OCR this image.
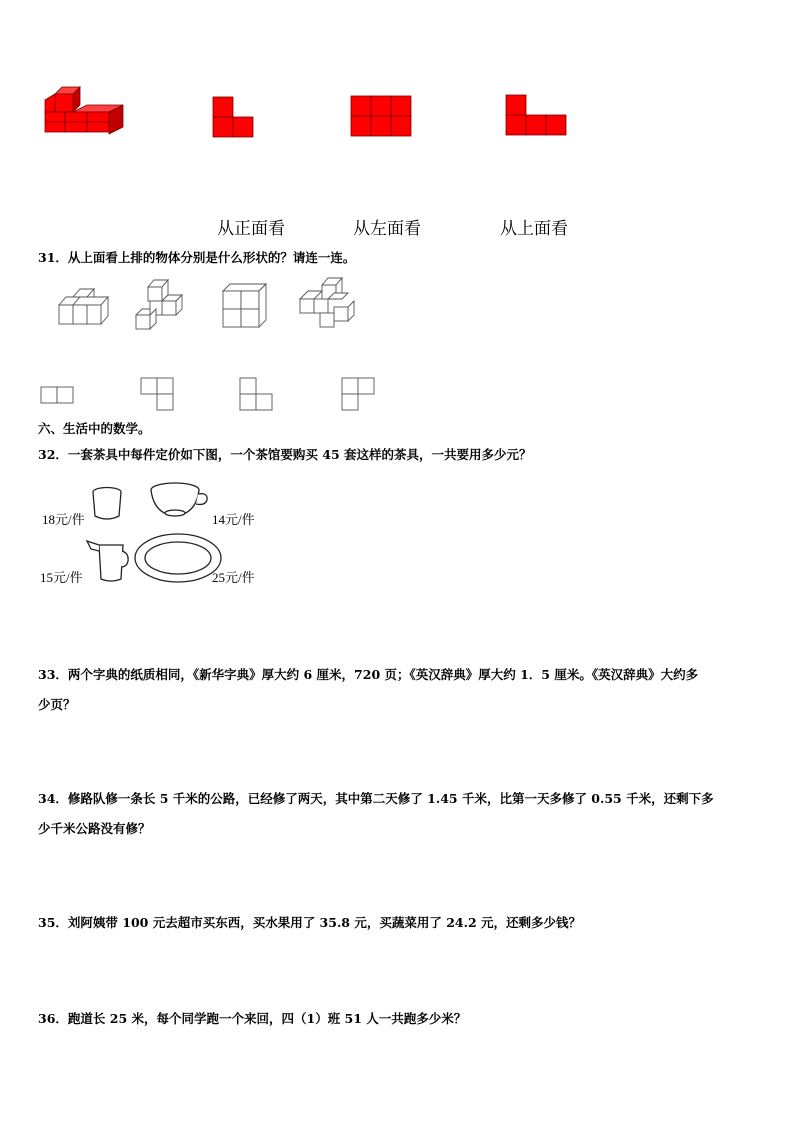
从正面看	从左面看	从上面看
31．从上面看上排的物体分别是什么形状的？请连一连。
六、生活中的数学。
32．一套茶具中每件定价如下图，一个茶馆要购买 45 套这样的茶具，一共要用多少元？
18元/件	14元/件
15元/件	25元/件
33．两个字典的纸质相同，《新华字典》厚大约 6 厘米，720 页；《英汉辞典》厚大约 1．5 厘米。《英汉辞典》大约多
少页？
34．修路队修一条长 5 千米的公路，已经修了两天，其中第二天修了 1.45 千米，比第一天多修了 0.55 千米，还剩下多
少千米公路没有修？
35．刘阿姨带 100 元去超市买东西，买水果用了 35.8 元，买蔬菜用了 24.2 元，还剩多少钱？
36．跑道长 25 米，每个同学跑一个来回，四（1）班 51 人一共跑多少米？
